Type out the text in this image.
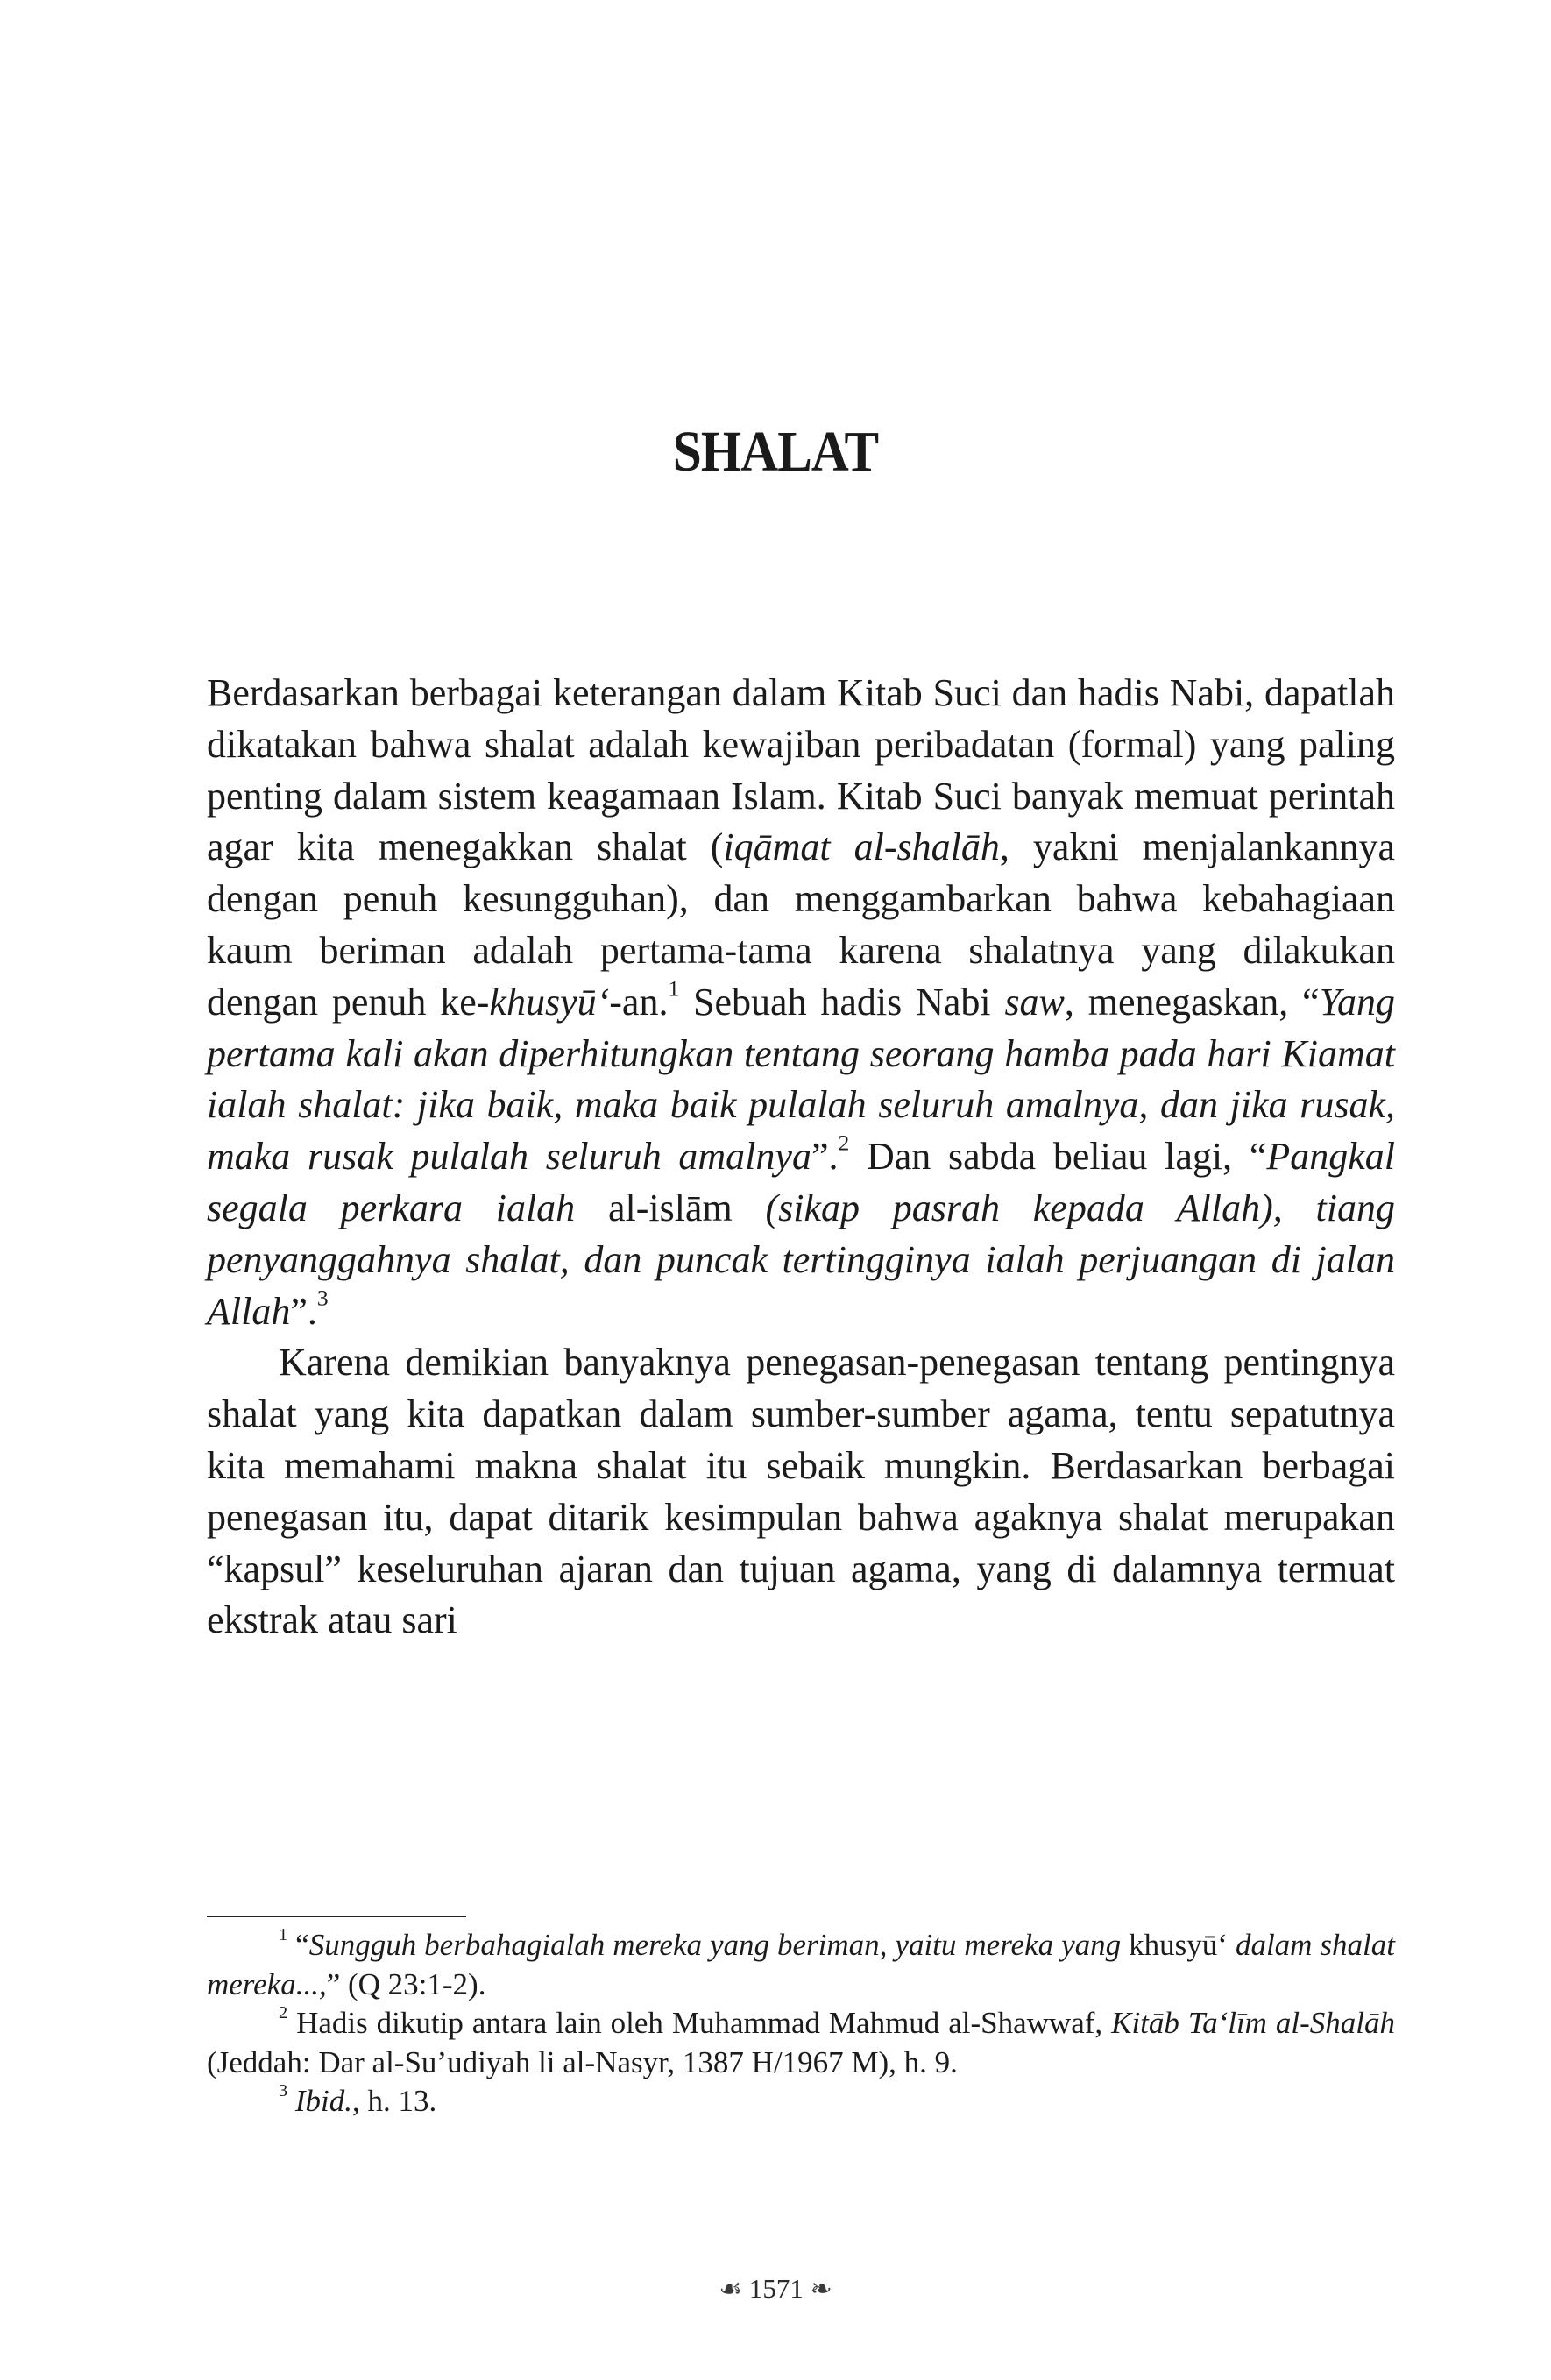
SHALAT

Berdasarkan berbagai keterangan dalam Kitab Suci dan hadis Nabi, dapatlah dikatakan bahwa shalat adalah kewajiban peribadatan (formal) yang paling penting dalam sistem keagamaan Islam. Kitab Suci banyak memuat perintah agar kita menegakkan shalat (iqāmat al-shalāh, yakni menjalankannya dengan penuh kesungguhan), dan menggambarkan bahwa kebahagiaan kaum beriman adalah pertama-tama karena shalatnya yang dilakukan dengan penuh ke-khusyū‘-an.$^1$ Sebuah hadis Nabi saw, menegaskan, “Yang pertama kali akan diperhitungkan tentang seorang hamba pada hari Kiamat ialah shalat: jika baik, maka baik pulalah seluruh amalnya, dan jika rusak, maka rusak pulalah seluruh amalnya”.$^2$ Dan sabda beliau lagi, “Pangkal segala perkara ialah al-islām (sikap pasrah kepada Allah), tiang penyanggahnya shalat, dan puncak tertingginya ialah perjuangan di jalan Allah”.$^3$

Karena demikian banyaknya penegasan-penegasan tentang pentingnya shalat yang kita dapatkan dalam sumber-sumber agama, tentu sepatutnya kita memahami makna shalat itu sebaik mungkin. Berdasarkan berbagai penegasan itu, dapat ditarik kesimpulan bahwa agaknya shalat merupakan “kapsul” keseluruhan ajaran dan tujuan agama, yang di dalamnya termuat ekstrak atau sari

$^1$ “Sungguh berbahagialah mereka yang beriman, yaitu mereka yang khusyū‘ dalam shalat mereka...,” (Q 23:1-2).

$^2$ Hadis dikutip antara lain oleh Muhammad Mahmud al-Shawwaf, Kitāb Ta‘līm al-Shalāh (Jeddah: Dar al-Su’udiyah li al-Nasyr, 1387 H/1967 M), h. 9.

$^3$ Ibid., h. 13.

☙ 1571 ❧
